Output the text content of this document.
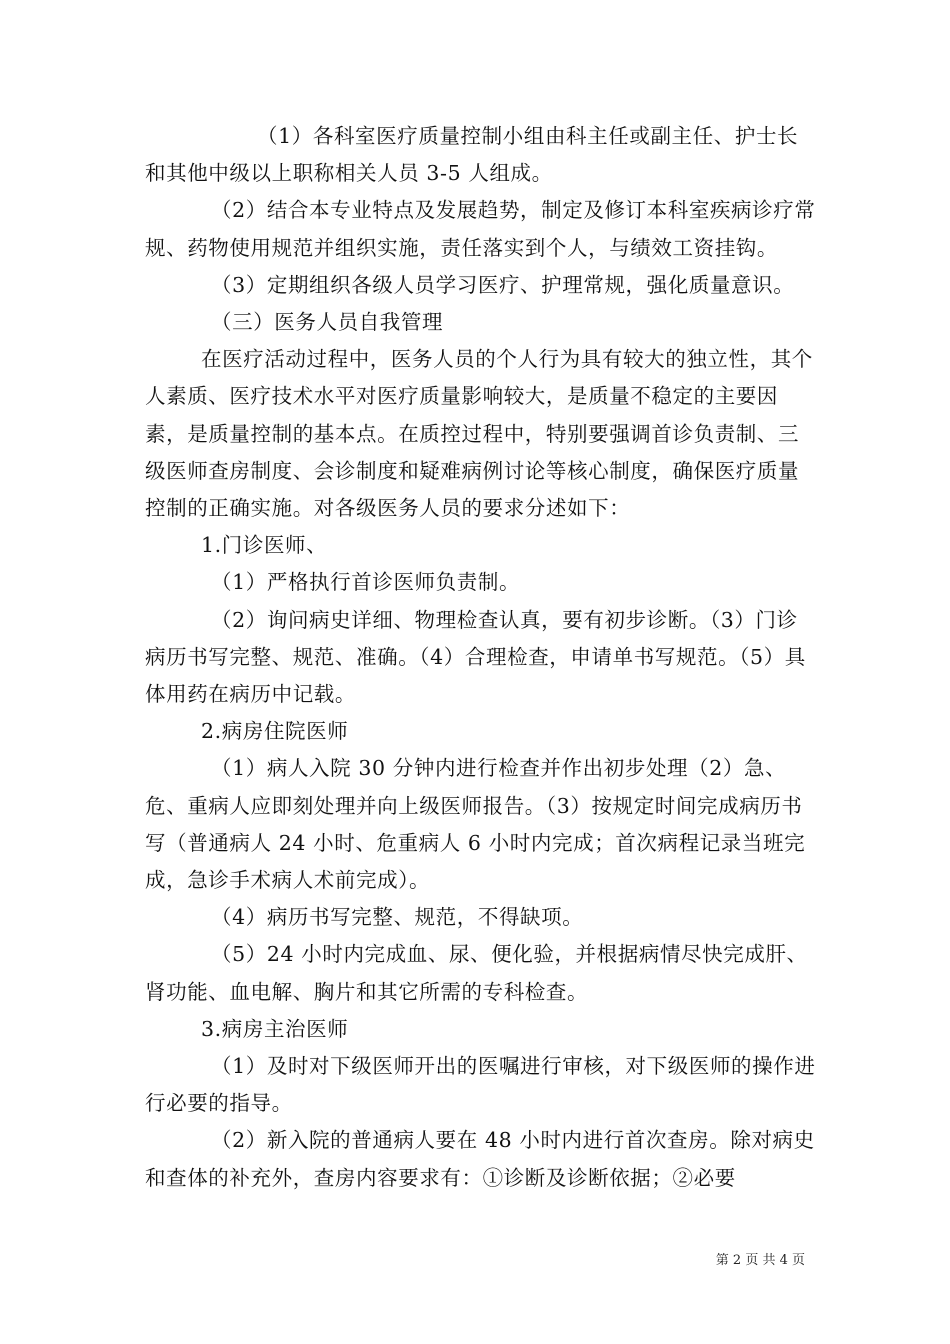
（1）各科室医疗质量控制小组由科主任或副主任、护士长和其他中级以上职称相关人员 3-5 人组成。

（2）结合本专业特点及发展趋势，制定及修订本科室疾病诊疗常规、药物使用规范并组织实施，责任落实到个人，与绩效工资挂钩。

（3）定期组织各级人员学习医疗、护理常规，强化质量意识。

（三）医务人员自我管理

在医疗活动过程中，医务人员的个人行为具有较大的独立性，其个人素质、医疗技术水平对医疗质量影响较大，是质量不稳定的主要因素，是质量控制的基本点。在质控过程中，特别要强调首诊负责制、三级医师查房制度、会诊制度和疑难病例讨论等核心制度，确保医疗质量控制的正确实施。对各级医务人员的要求分述如下：

1.门诊医师、

（1）严格执行首诊医师负责制。

（2）询问病史详细、物理检查认真，要有初步诊断。（3）门诊病历书写完整、规范、准确。（4）合理检查，申请单书写规范。（5）具体用药在病历中记载。

2.病房住院医师

（1）病人入院 30 分钟内进行检查并作出初步处理（2）急、危、重病人应即刻处理并向上级医师报告。（3）按规定时间完成病历书写（普通病人 24 小时、危重病人 6 小时内完成；首次病程记录当班完成，急诊手术病人术前完成）。

（4）病历书写完整、规范，不得缺项。

（5）24 小时内完成血、尿、便化验，并根据病情尽快完成肝、肾功能、血电解、胸片和其它所需的专科检查。

3.病房主治医师

（1）及时对下级医师开出的医嘱进行审核，对下级医师的操作进行必要的指导。

（2）新入院的普通病人要在 48 小时内进行首次查房。除对病史和查体的补充外，查房内容要求有：①诊断及诊断依据；②必要

第 2 页 共 4 页
